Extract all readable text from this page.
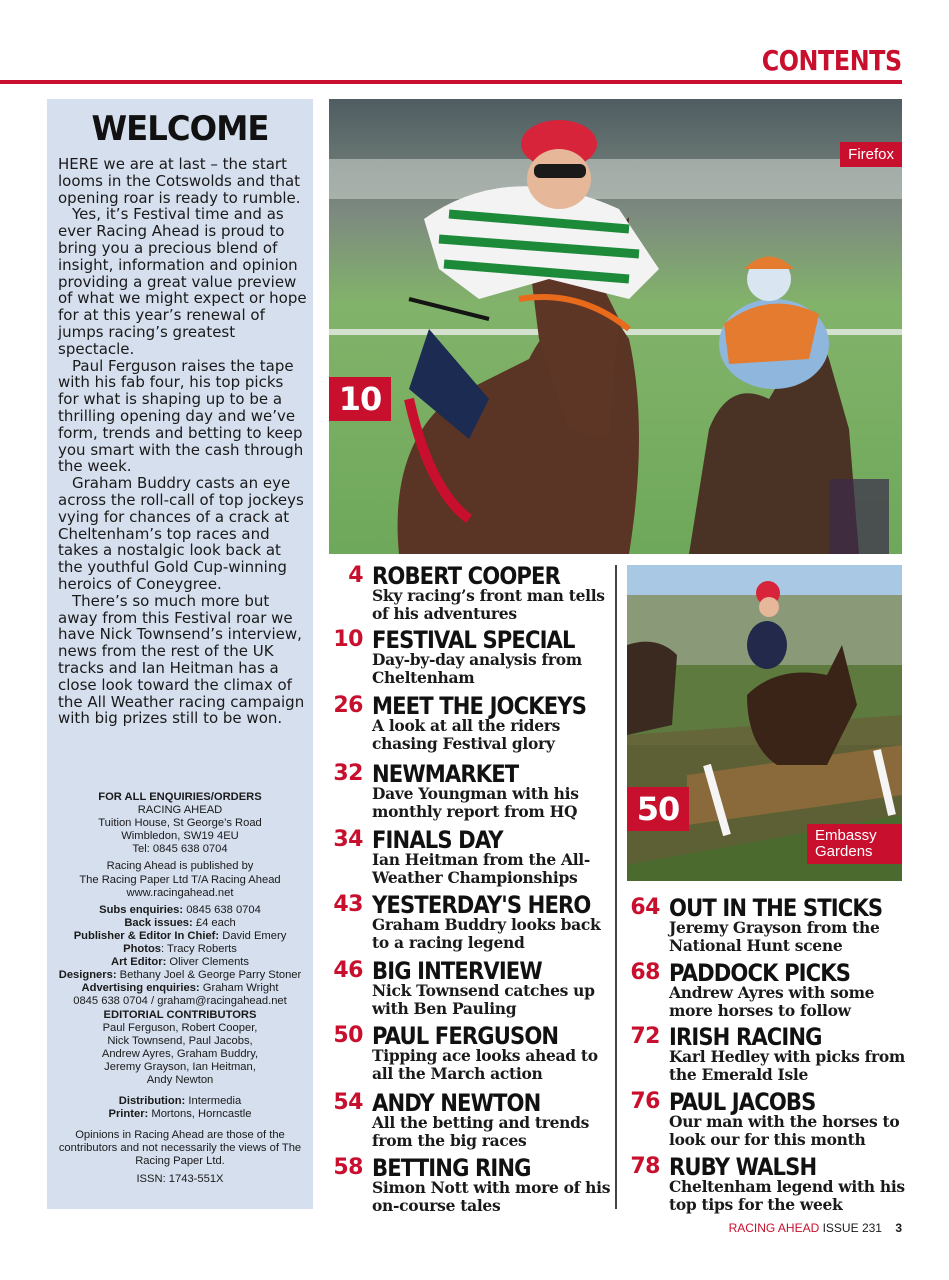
CONTENTS
WELCOME

HERE we are at last – the start looms in the Cotswolds and that opening roar is ready to rumble.

Yes, it’s Festival time and as ever Racing Ahead is proud to bring you a precious blend of insight, information and opinion providing a great value preview of what we might expect or hope for at this year’s renewal of jumps racing’s greatest spectacle.

Paul Ferguson raises the tape with his fab four, his top picks for what is shaping up to be a thrilling opening day and we’ve form, trends and betting to keep you smart with the cash through the week.

Graham Buddry casts an eye across the roll-call of top jockeys vying for chances of a crack at Cheltenham’s top races and takes a nostalgic look back at the youthful Gold Cup-winning heroics of Coneygree.

There’s so much more but away from this Festival roar we have Nick Townsend’s interview, news from the rest of the UK tracks and Ian Heitman has a close look toward the climax of the All Weather racing campaign with big prizes still to be won.

FOR ALL ENQUIRIES/ORDERS
RACING AHEAD
Tuition House, St George’s Road
Wimbledon, SW19 4EU
Tel: 0845 638 0704
Racing Ahead is published by
The Racing Paper Ltd T/A Racing Ahead
www.racingahead.net
Subs enquiries: 0845 638 0704
Back issues: £4 each
Publisher & Editor In Chief: David Emery
Photos: Tracy Roberts
Art Editor: Oliver Clements
Designers: Bethany Joel & George Parry Stoner
Advertising enquiries: Graham Wright
0845 638 0704 / graham@racingahead.net
EDITORIAL CONTRIBUTORS
Paul Ferguson, Robert Cooper,
Nick Townsend, Paul Jacobs,
Andrew Ayres, Graham Buddry,
Jeremy Grayson, Ian Heitman,
Andy Newton
Distribution: Intermedia
Printer: Mortons, Horncastle
Opinions in Racing Ahead are those of the contributors and not necessarily the views of The Racing Paper Ltd.
ISSN: 1743-551X
Firefox
10
50
Embassy Gardens
4 ROBERT COOPER
Sky racing’s front man tells of his adventures
10 FESTIVAL SPECIAL
Day-by-day analysis from Cheltenham
26 MEET THE JOCKEYS
A look at all the riders chasing Festival glory
32 NEWMARKET
Dave Youngman with his monthly report from HQ
34 FINALS DAY
Ian Heitman from the All-Weather Championships
43 YESTERDAY'S HERO
Graham Buddry looks back to a racing legend
46 BIG INTERVIEW
Nick Townsend catches up with Ben Pauling
50 PAUL FERGUSON
Tipping ace looks ahead to all the March action
54 ANDY NEWTON
All the betting and trends from the big races
58 BETTING RING
Simon Nott with more of his on-course tales
64 OUT IN THE STICKS
Jeremy Grayson from the National Hunt scene
68 PADDOCK PICKS
Andrew Ayres with some more horses to follow
72 IRISH RACING
Karl Hedley with picks from the Emerald Isle
76 PAUL JACOBS
Our man with the horses to look our for this month
78 RUBY WALSH
Cheltenham legend with his top tips for the week
RACING AHEAD ISSUE 231 3
